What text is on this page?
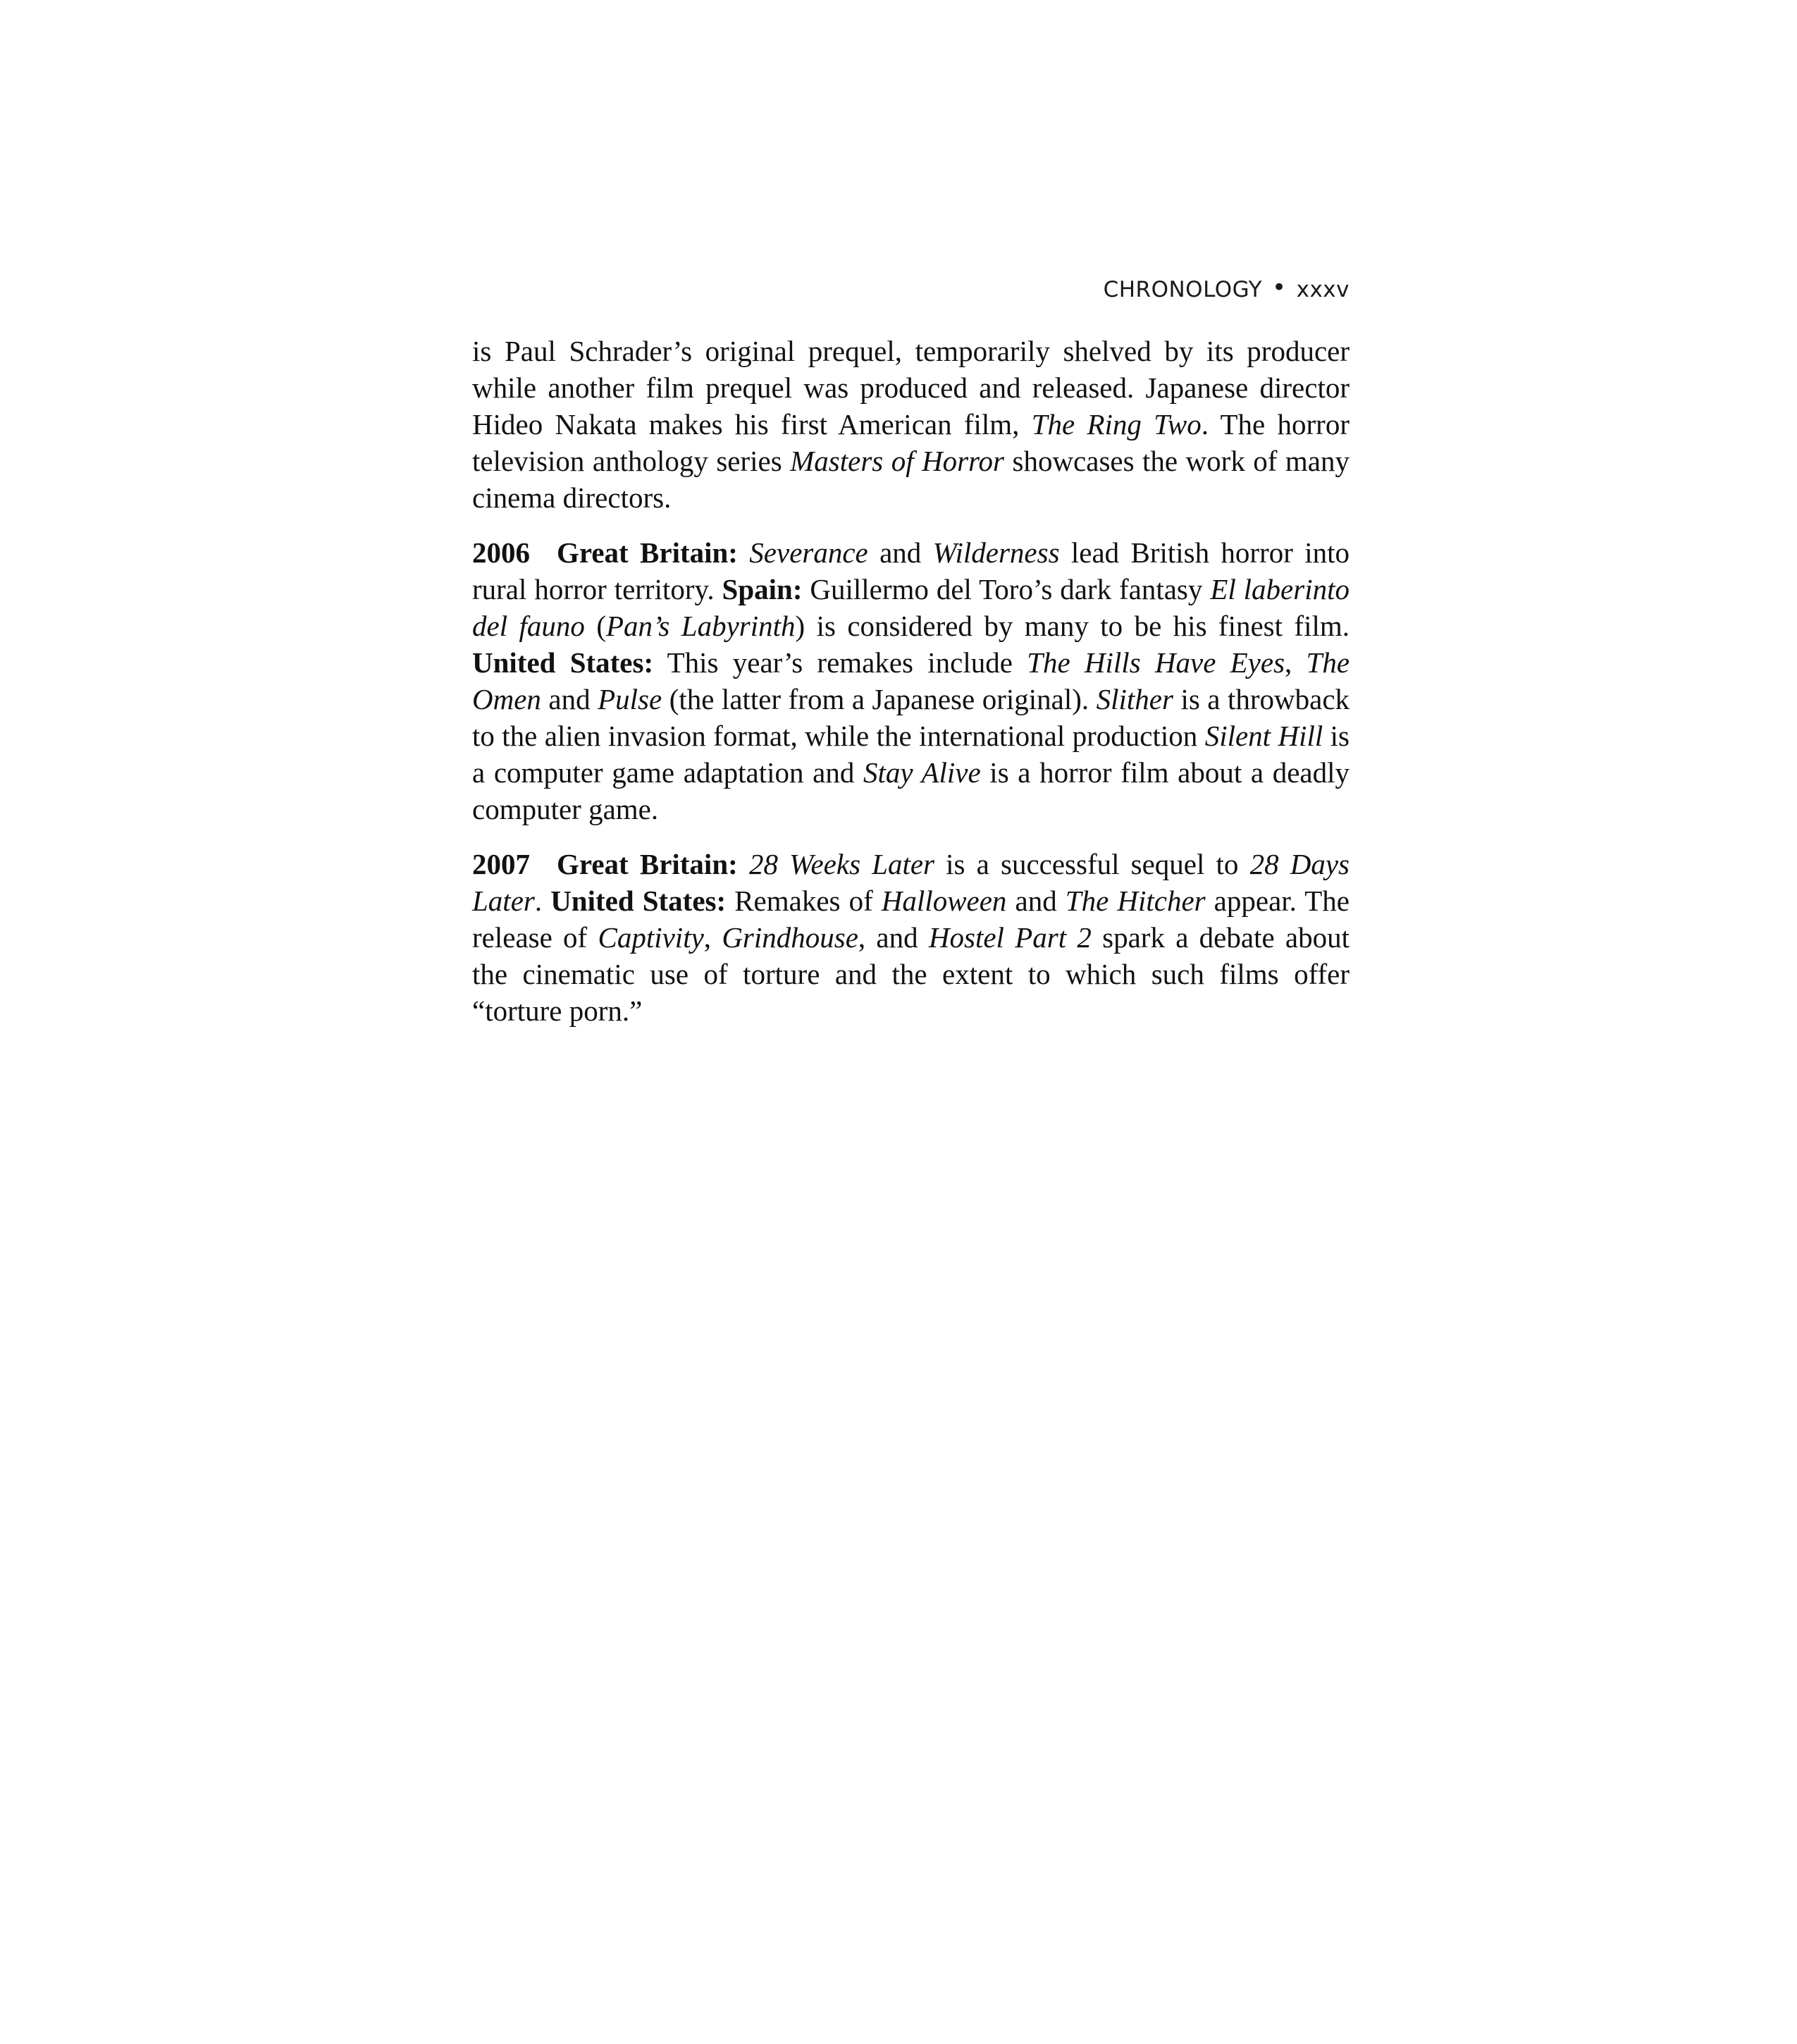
CHRONOLOGY • xxxv

is Paul Schrader’s original prequel, temporarily shelved by its producer while another film prequel was produced and released. Japanese director Hideo Nakata makes his first American film, The Ring Two. The horror television anthology series Masters of Horror showcases the work of many cinema directors.

2006 Great Britain: Severance and Wilderness lead British horror into rural horror territory. Spain: Guillermo del Toro’s dark fantasy El laberinto del fauno (Pan’s Labyrinth) is considered by many to be his finest film. United States: This year’s remakes include The Hills Have Eyes, The Omen and Pulse (the latter from a Japanese original). Slither is a throwback to the alien invasion format, while the international production Silent Hill is a computer game adaptation and Stay Alive is a horror film about a deadly computer game.

2007 Great Britain: 28 Weeks Later is a successful sequel to 28 Days Later. United States: Remakes of Halloween and The Hitcher appear. The release of Captivity, Grindhouse, and Hostel Part 2 spark a debate about the cinematic use of torture and the extent to which such films offer “torture porn.”
